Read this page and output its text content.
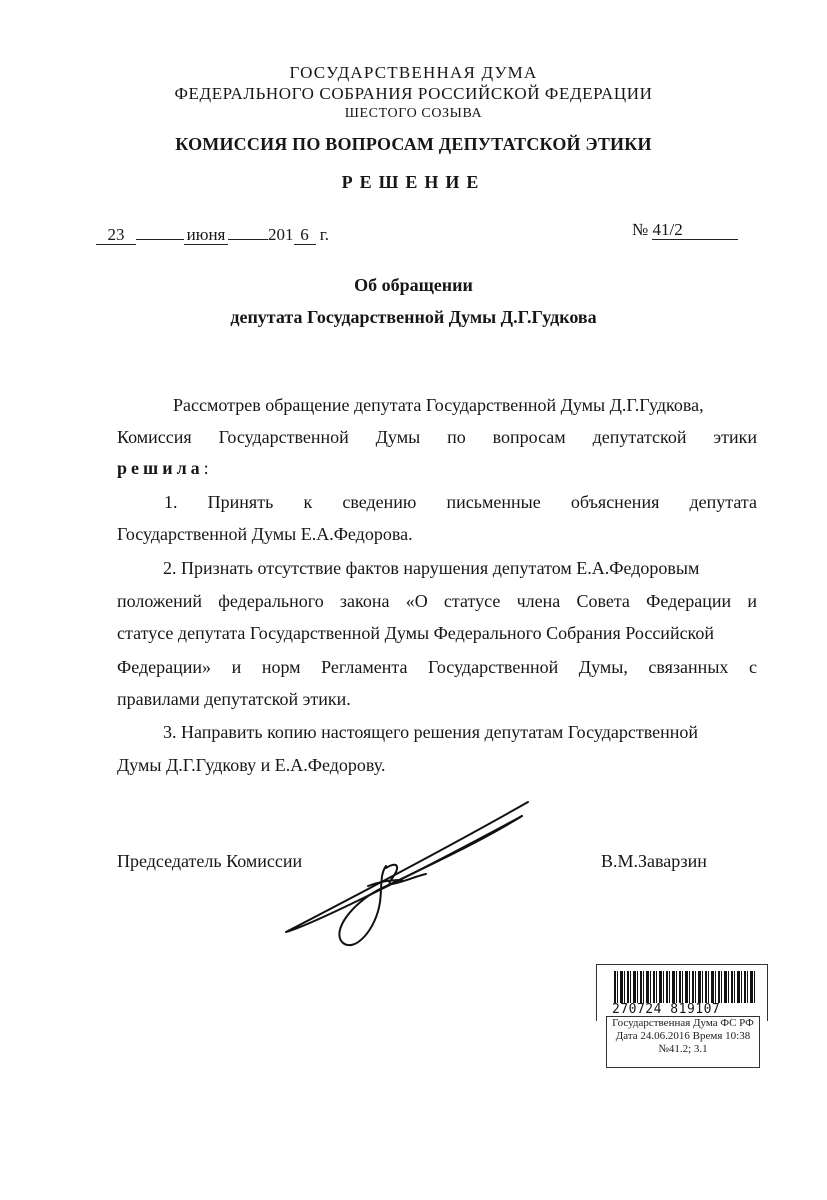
ГОСУДАРСТВЕННАЯ ДУМА
ФЕДЕРАЛЬНОГО СОБРАНИЯ РОССИЙСКОЙ ФЕДЕРАЦИИ
ШЕСТОГО СОЗЫВА
КОМИССИЯ ПО ВОПРОСАМ ДЕПУТАТСКОЙ ЭТИКИ
РЕШЕНИЕ
23	июня	201 6 г.	№ 41/2
Об обращении
депутата Государственной Думы Д.Г.Гудкова
Рассмотрев обращение депутата Государственной Думы Д.Г.Гудкова,
Комиссия Государственной Думы по вопросам депутатской этики
решила:
1. Принять к сведению письменные объяснения депутата
Государственной Думы Е.А.Федорова.
2. Признать отсутствие фактов нарушения депутатом Е.А.Федоровым
положений федерального закона «О статусе члена Совета Федерации и
статусе депутата Государственной Думы Федерального Собрания Российской
Федерации» и норм Регламента Государственной Думы, связанных с
правилами депутатской этики.
3. Направить копию настоящего решения депутатам Государственной
Думы Д.Г.Гудкову и Е.А.Федорову.
Председатель Комиссии	В.М.Заварзин
270724 819107
Государственная Дума ФС РФ
Дата 24.06.2016 Время 10:38
№41.2; 3.1
